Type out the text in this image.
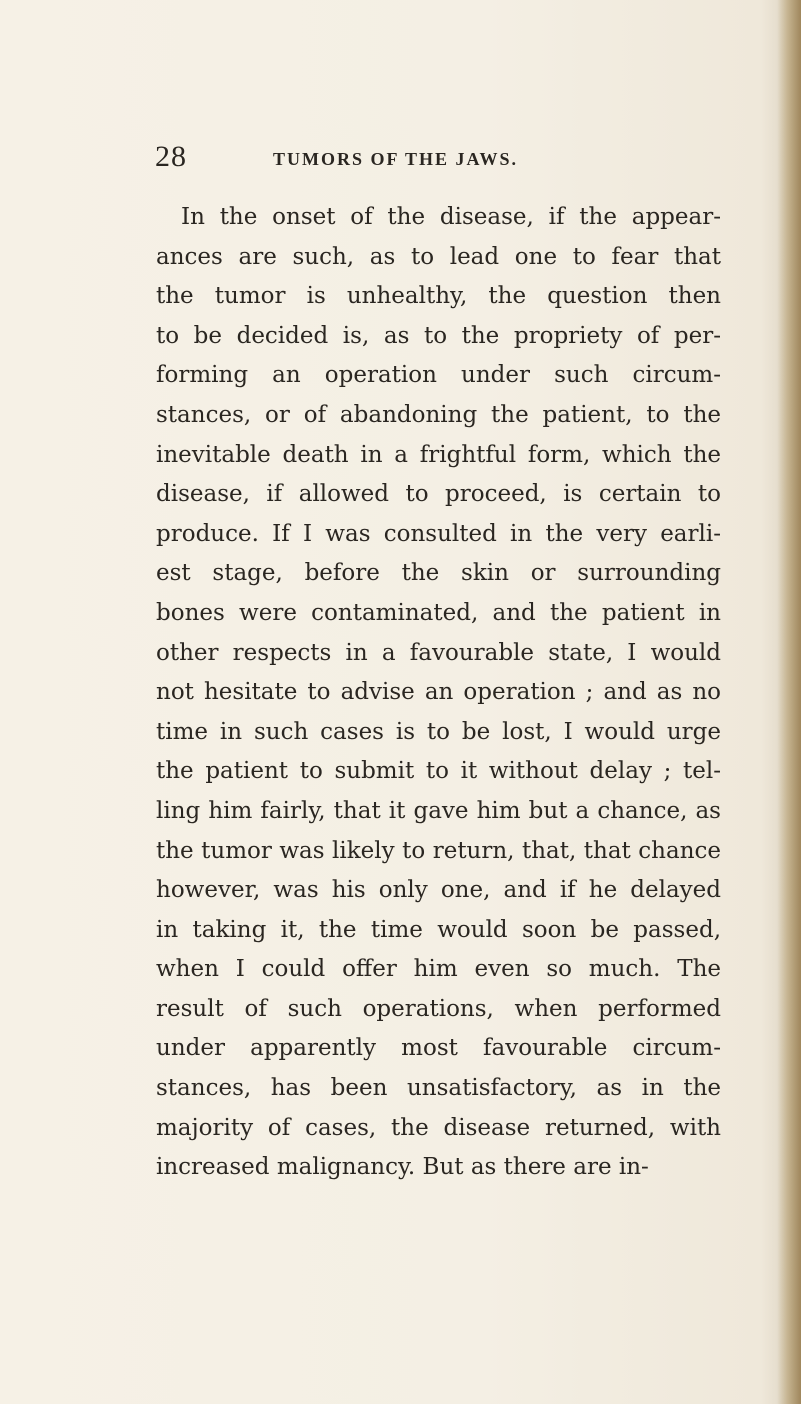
28	TUMORS OF THE JAWS.
In the onset of the disease, if the appear-
ances are such, as to lead one to fear that
the tumor is unhealthy, the question then
to be decided is, as to the propriety of per-
forming an operation under such circum-
stances, or of abandoning the patient, to the
inevitable death in a frightful form, which the
disease, if allowed to proceed, is certain to
produce. If I was consulted in the very earli-
est stage, before the skin or surrounding
bones were contaminated, and the patient in
other respects in a favourable state, I would
not hesitate to advise an operation ; and as no
time in such cases is to be lost, I would urge
the patient to submit to it without delay ; tel-
ling him fairly, that it gave him but a chance, as
the tumor was likely to return, that, that chance
however, was his only one, and if he delayed
in taking it, the time would soon be passed,
when I could offer him even so much. The
result of such operations, when performed
under apparently most favourable circum-
stances, has been unsatisfactory, as in the
majority of cases, the disease returned, with
increased malignancy. But as there are in-
